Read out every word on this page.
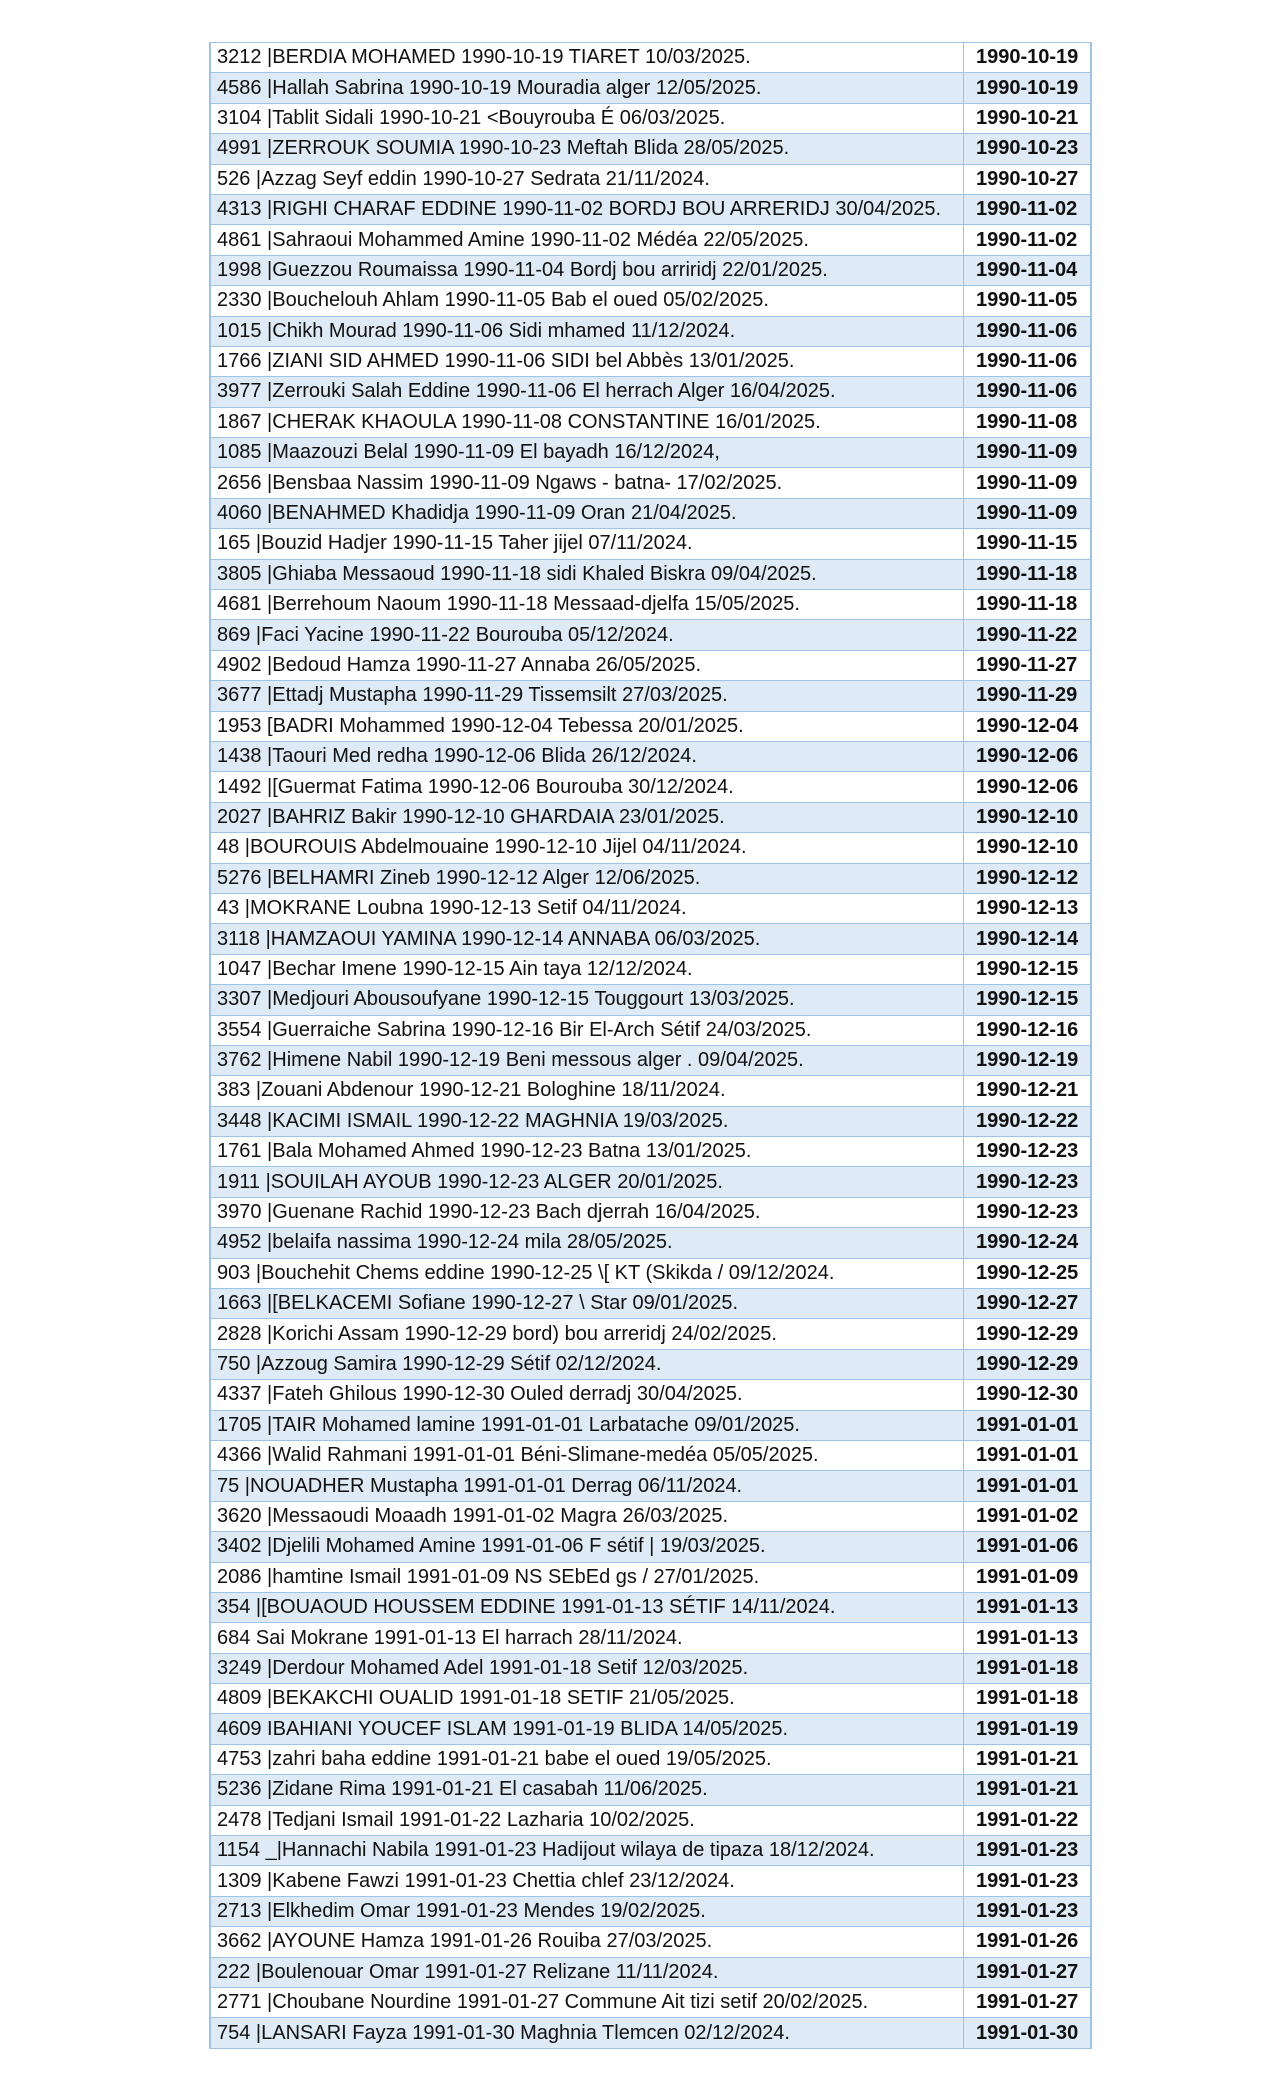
3212 |BERDIA MOHAMED 1990-10-19 TIARET 10/03/2025.	1990-10-19
4586 |Hallah Sabrina 1990-10-19 Mouradia alger 12/05/2025.	1990-10-19
3104 |Tablit Sidali 1990-10-21 <Bouyrouba É 06/03/2025.	1990-10-21
4991 |ZERROUK SOUMIA 1990-10-23 Meftah Blida 28/05/2025.	1990-10-23
526 |Azzag Seyf eddin 1990-10-27 Sedrata 21/11/2024.	1990-10-27
4313 |RIGHI CHARAF EDDINE 1990-11-02 BORDJ BOU ARRERIDJ 30/04/2025.	1990-11-02
4861 |Sahraoui Mohammed Amine 1990-11-02 Médéa 22/05/2025.	1990-11-02
1998 |Guezzou Roumaissa 1990-11-04 Bordj bou arriridj 22/01/2025.	1990-11-04
2330 |Bouchelouh Ahlam 1990-11-05 Bab el oued 05/02/2025.	1990-11-05
1015 |Chikh Mourad 1990-11-06 Sidi mhamed 11/12/2024.	1990-11-06
1766 |ZIANI SID AHMED 1990-11-06 SIDI bel Abbès 13/01/2025.	1990-11-06
3977 |Zerrouki Salah Eddine 1990-11-06 El herrach Alger 16/04/2025.	1990-11-06
1867 |CHERAK KHAOULA 1990-11-08 CONSTANTINE 16/01/2025.	1990-11-08
1085 |Maazouzi Belal 1990-11-09 El bayadh 16/12/2024,	1990-11-09
2656 |Bensbaa Nassim 1990-11-09 Ngaws - batna- 17/02/2025.	1990-11-09
4060 |BENAHMED Khadidja 1990-11-09 Oran 21/04/2025.	1990-11-09
165 |Bouzid Hadjer 1990-11-15 Taher jijel 07/11/2024.	1990-11-15
3805 |Ghiaba Messaoud 1990-11-18 sidi Khaled Biskra 09/04/2025.	1990-11-18
4681 |Berrehoum Naoum 1990-11-18 Messaad-djelfa 15/05/2025.	1990-11-18
869 |Faci Yacine 1990-11-22 Bourouba 05/12/2024.	1990-11-22
4902 |Bedoud Hamza 1990-11-27 Annaba 26/05/2025.	1990-11-27
3677 |Ettadj Mustapha 1990-11-29 Tissemsilt 27/03/2025.	1990-11-29
1953 [BADRI Mohammed 1990-12-04 Tebessa 20/01/2025.	1990-12-04
1438 |Taouri Med redha 1990-12-06 Blida 26/12/2024.	1990-12-06
1492 |[Guermat Fatima 1990-12-06 Bourouba 30/12/2024.	1990-12-06
2027 |BAHRIZ Bakir 1990-12-10 GHARDAIA 23/01/2025.	1990-12-10
48 |BOUROUIS Abdelmouaine 1990-12-10 Jijel 04/11/2024.	1990-12-10
5276 |BELHAMRI Zineb 1990-12-12 Alger 12/06/2025.	1990-12-12
43 |MOKRANE Loubna 1990-12-13 Setif 04/11/2024.	1990-12-13
3118 |HAMZAOUI YAMINA 1990-12-14 ANNABA 06/03/2025.	1990-12-14
1047 |Bechar Imene 1990-12-15 Ain taya 12/12/2024.	1990-12-15
3307 |Medjouri Abousoufyane 1990-12-15 Touggourt 13/03/2025.	1990-12-15
3554 |Guerraiche Sabrina 1990-12-16 Bir El-Arch Sétif 24/03/2025.	1990-12-16
3762 |Himene Nabil 1990-12-19 Beni messous alger . 09/04/2025.	1990-12-19
383 |Zouani Abdenour 1990-12-21 Bologhine 18/11/2024.	1990-12-21
3448 |KACIMI ISMAIL 1990-12-22 MAGHNIA 19/03/2025.	1990-12-22
1761 |Bala Mohamed Ahmed 1990-12-23 Batna 13/01/2025.	1990-12-23
1911 |SOUILAH AYOUB 1990-12-23 ALGER 20/01/2025.	1990-12-23
3970 |Guenane Rachid 1990-12-23 Bach djerrah 16/04/2025.	1990-12-23
4952 |belaifa nassima 1990-12-24 mila 28/05/2025.	1990-12-24
903 |Bouchehit Chems eddine 1990-12-25 \[ KT (Skikda / 09/12/2024.	1990-12-25
1663 |[BELKACEMI Sofiane 1990-12-27 \ Star 09/01/2025.	1990-12-27
2828 |Korichi Assam 1990-12-29 bord) bou arreridj 24/02/2025.	1990-12-29
750 |Azzoug Samira 1990-12-29 Sétif 02/12/2024.	1990-12-29
4337 |Fateh Ghilous 1990-12-30 Ouled derradj 30/04/2025.	1990-12-30
1705 |TAIR Mohamed lamine 1991-01-01 Larbatache 09/01/2025.	1991-01-01
4366 |Walid Rahmani 1991-01-01 Béni-Slimane-medéa 05/05/2025.	1991-01-01
75 |NOUADHER Mustapha 1991-01-01 Derrag 06/11/2024.	1991-01-01
3620 |Messaoudi Moaadh 1991-01-02 Magra 26/03/2025.	1991-01-02
3402 |Djelili Mohamed Amine 1991-01-06 F sétif | 19/03/2025.	1991-01-06
2086 |hamtine Ismail 1991-01-09 NS SEbEd gs / 27/01/2025.	1991-01-09
354 |[BOUAOUD HOUSSEM EDDINE 1991-01-13 SÉTIF 14/11/2024.	1991-01-13
684 Sai Mokrane 1991-01-13 El harrach 28/11/2024.	1991-01-13
3249 |Derdour Mohamed Adel 1991-01-18 Setif 12/03/2025.	1991-01-18
4809 |BEKAKCHI OUALID 1991-01-18 SETIF 21/05/2025.	1991-01-18
4609 IBAHIANI YOUCEF ISLAM 1991-01-19 BLIDA 14/05/2025.	1991-01-19
4753 |zahri baha eddine 1991-01-21 babe el oued 19/05/2025.	1991-01-21
5236 |Zidane Rima 1991-01-21 El casabah 11/06/2025.	1991-01-21
2478 |Tedjani Ismail 1991-01-22 Lazharia 10/02/2025.	1991-01-22
1154 _|Hannachi Nabila 1991-01-23 Hadijout wilaya de tipaza 18/12/2024.	1991-01-23
1309 |Kabene Fawzi 1991-01-23 Chettia chlef 23/12/2024.	1991-01-23
2713 |Elkhedim Omar 1991-01-23 Mendes 19/02/2025.	1991-01-23
3662 |AYOUNE Hamza 1991-01-26 Rouiba 27/03/2025.	1991-01-26
222 |Boulenouar Omar 1991-01-27 Relizane 11/11/2024.	1991-01-27
2771 |Choubane Nourdine 1991-01-27 Commune Ait tizi setif 20/02/2025.	1991-01-27
754 |LANSARI Fayza 1991-01-30 Maghnia Tlemcen 02/12/2024.	1991-01-30
